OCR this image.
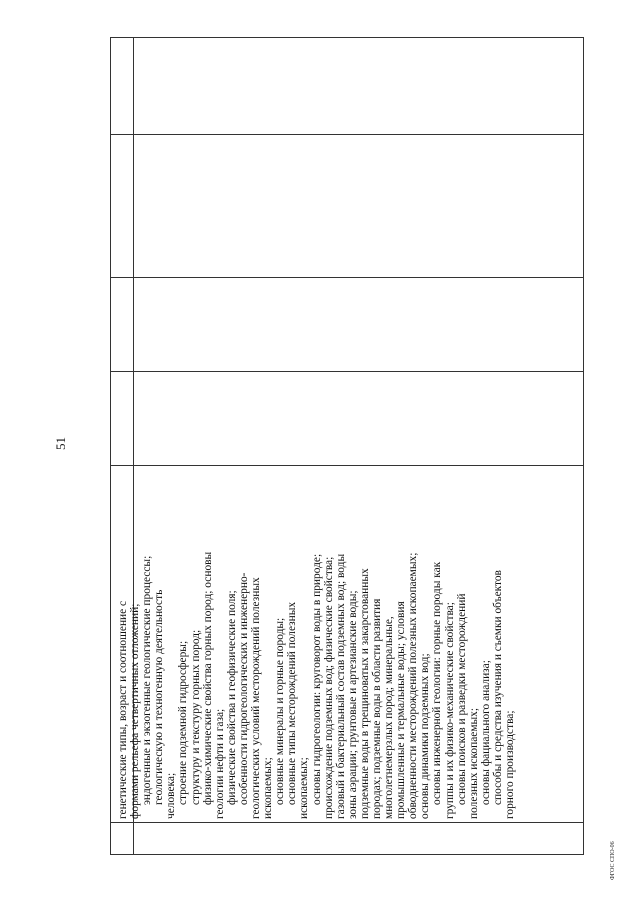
51
генетические типы, возраст и соотношение с формами рельефа четвертичных отложений; эндогенные и экзогенные геологические процессы; геологическую и техногенную деятельность человека; строение подземной гидросферы; структуру и текстуру горных пород; физико-химические свойства горных пород; основы геологии нефти и газа; физические свойства и геофизические поля; особенности гидрогеологических и инженерно- геологических условий месторождений полезных ископаемых; основные минералы и горные породы; основные типы месторождений полезных ископаемых; основы гидрогеологии: круговорот воды в природе; происхождение подземных вод; физические свойства; газовый и бактериальный состав подземных вод; воды зоны аэрации; грунтовые и артезианские воды; подземные воды в трещиноватых и закарстованных породах; подземные воды в области развития многолетнемерзлых пород; минеральные, промышленные и термальные воды; условия обводненности месторождений полезных ископаемых; основы динамики подземных вод; основы инженерной геологии: горные породы как группы и их физико-механические свойства; основы поисков и разведки месторождений полезных ископаемых; основы фациального анализа; способы и средства изучения и съемки объектов горного производства;
ФГОС СПО-06
